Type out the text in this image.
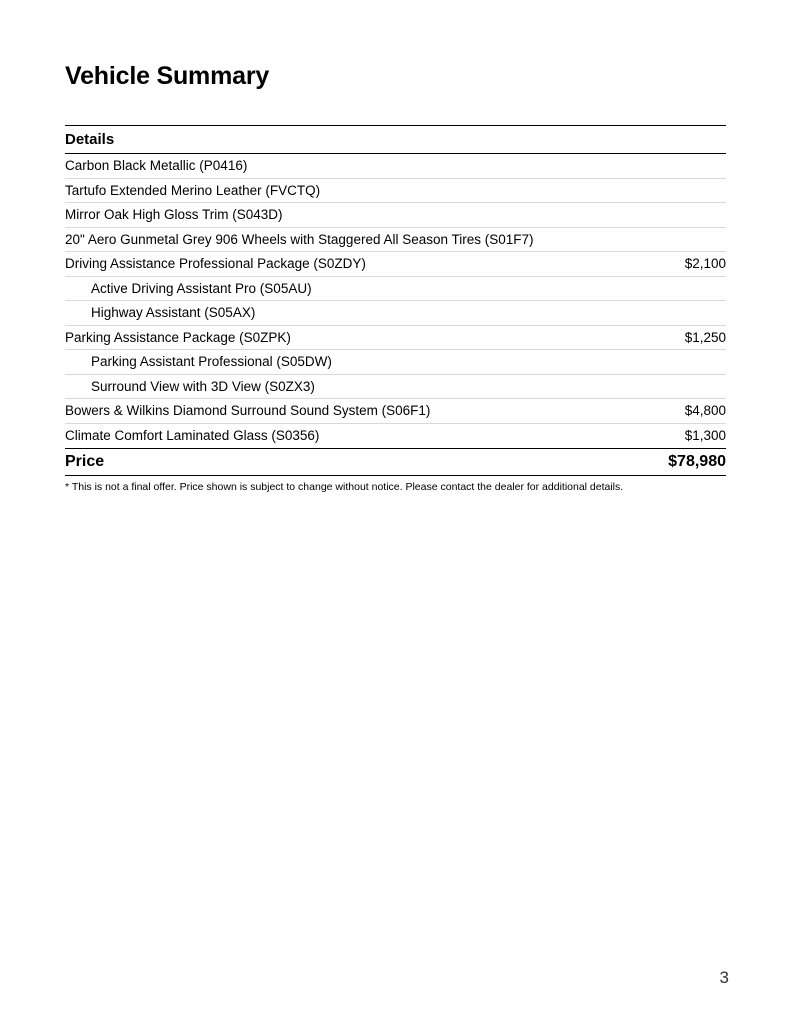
Vehicle Summary
Details
Carbon Black Metallic (P0416)
Tartufo Extended Merino Leather (FVCTQ)
Mirror Oak High Gloss Trim (S043D)
20" Aero Gunmetal Grey 906 Wheels with Staggered All Season Tires (S01F7)
Driving Assistance Professional Package (S0ZDY)	$2,100
Active Driving Assistant Pro (S05AU)
Highway Assistant (S05AX)
Parking Assistance Package (S0ZPK)	$1,250
Parking Assistant Professional (S05DW)
Surround View with 3D View (S0ZX3)
Bowers & Wilkins Diamond Surround Sound System (S06F1)	$4,800
Climate Comfort Laminated Glass (S0356)	$1,300
Price	$78,980
* This is not a final offer. Price shown is subject to change without notice. Please contact the dealer for additional details.
3
